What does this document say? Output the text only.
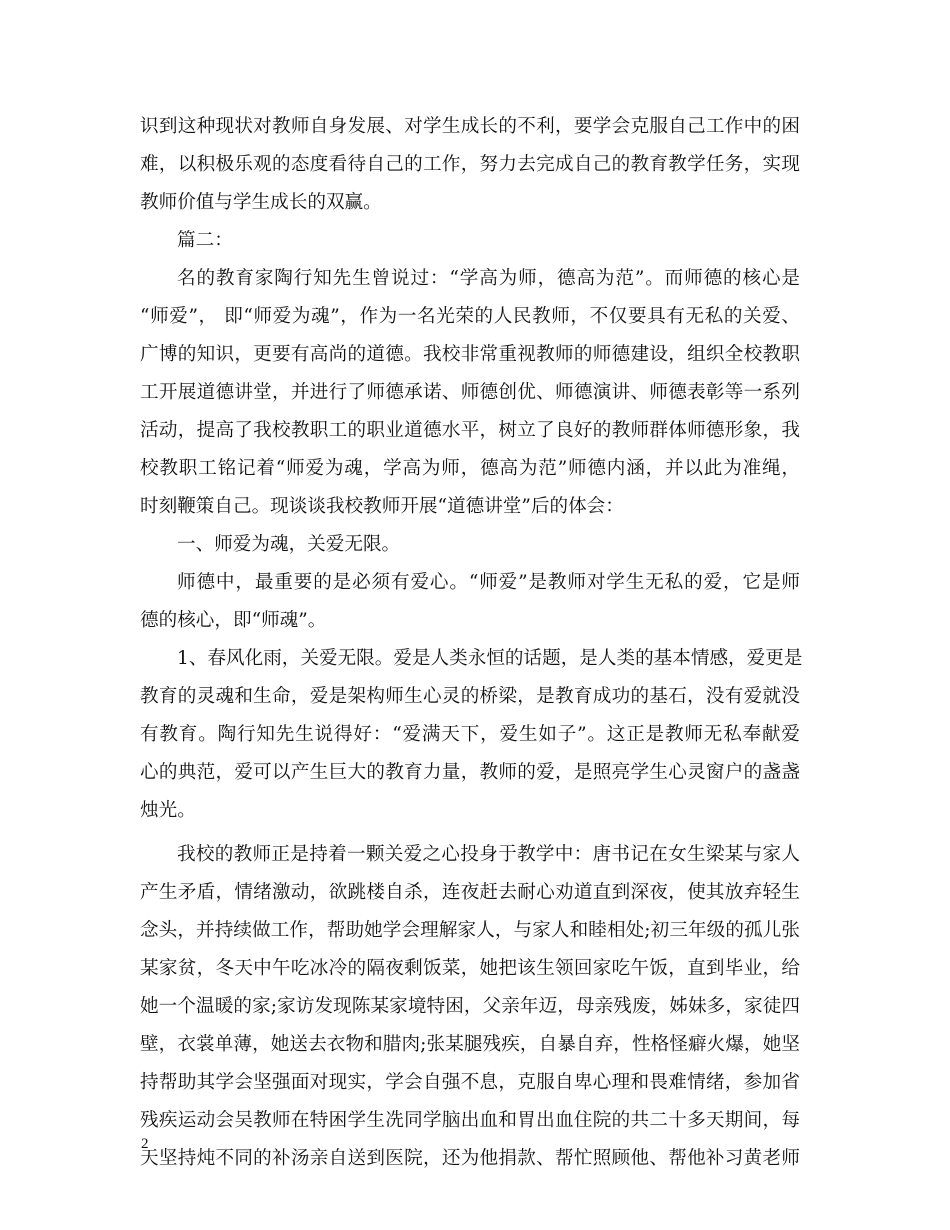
识到这种现状对教师自身发展、对学生成长的不利，要学会克服自己工作中的困
难，以积极乐观的态度看待自己的工作，努力去完成自己的教育教学任务，实现
教师价值与学生成长的双赢。
篇二：
名的教育家陶行知先生曾说过：“学高为师，德高为范”。而师德的核心是
“师爱”， 即“师爱为魂”，作为一名光荣的人民教师，不仅要具有无私的关爱、
广博的知识，更要有高尚的道德。我校非常重视教师的师德建设，组织全校教职
工开展道德讲堂，并进行了师德承诺、师德创优、师德演讲、师德表彰等一系列
活动，提高了我校教职工的职业道德水平，树立了良好的教师群体师德形象，我
校教职工铭记着“师爱为魂，学高为师，德高为范”师德内涵，并以此为准绳，
时刻鞭策自己。现谈谈我校教师开展“道德讲堂”后的体会：
一、师爱为魂，关爱无限。
师德中，最重要的是必须有爱心。“师爱”是教师对学生无私的爱，它是师
德的核心，即“师魂”。
1、春风化雨，关爱无限。爱是人类永恒的话题，是人类的基本情感，爱更是
教育的灵魂和生命，爱是架构师生心灵的桥梁，是教育成功的基石，没有爱就没
有教育。陶行知先生说得好：“爱满天下，爱生如子”。这正是教师无私奉献爱
心的典范，爱可以产生巨大的教育力量，教师的爱，是照亮学生心灵窗户的盏盏
烛光。
我校的教师正是持着一颗关爱之心投身于教学中：唐书记在女生梁某与家人
产生矛盾，情绪激动，欲跳楼自杀，连夜赶去耐心劝道直到深夜，使其放弃轻生
念头，并持续做工作，帮助她学会理解家人，与家人和睦相处;初三年级的孤儿张
某家贫，冬天中午吃冰冷的隔夜剩饭菜，她把该生领回家吃午饭，直到毕业，给
她一个温暖的家;家访发现陈某家境特困，父亲年迈，母亲残废，姊妹多，家徒四
壁，衣裳单薄，她送去衣物和腊肉;张某腿残疾，自暴自弃，性格怪癖火爆，她坚
持帮助其学会坚强面对现实，学会自强不息，克服自卑心理和畏难情绪，参加省
残疾运动会吴教师在特困学生冼同学脑出血和胃出血住院的共二十多天期间，每
天坚持炖不同的补汤亲自送到医院，还为他捐款、帮忙照顾他、帮他补习黄老师
2
